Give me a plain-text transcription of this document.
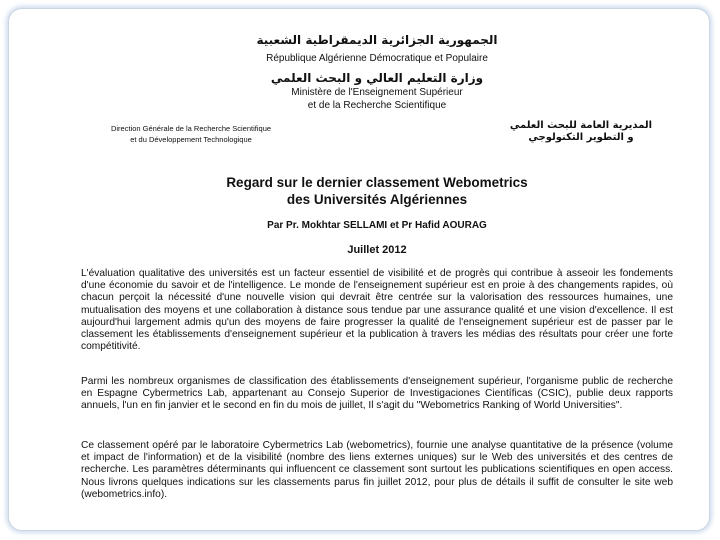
الجمهورية الجزائرية الديمقراطية الشعبية
République Algérienne Démocratique et Populaire
وزارة التعليم العالي و البحث العلمي
Ministère de l'Enseignement Supérieur
et de la Recherche Scientifique
Direction Générale de la Recherche Scientifique
et du Développement Technologique
المديرية العامة للبحث العلمي
و التطوير التكنولوجي
Regard sur le dernier classement Webometrics
des Universités Algériennes
Par Pr. Mokhtar SELLAMI et Pr Hafid AOURAG
Juillet 2012

L'évaluation qualitative des universités est un facteur essentiel de visibilité et de progrès qui contribue à asseoir les fondements d'une économie du savoir et de l'intelligence. Le monde de l'enseignement supérieur est en proie à des changements rapides, où chacun perçoit la nécessité d'une nouvelle vision qui devrait être centrée sur la valorisation des ressources humaines, une mutualisation des moyens et une collaboration à distance sous tendue par une assurance qualité et une vision d'excellence. Il est aujourd'hui largement admis qu'un des moyens de faire progresser la qualité de l'enseignement supérieur est de passer par le classement les établissements d'enseignement supérieur et la publication à travers les médias des résultats pour créer une forte compétitivité.

Parmi les nombreux organismes de classification des établissements d'enseignement supérieur, l'organisme public de recherche en Espagne Cybermetrics Lab, appartenant au Consejo Superior de Investigaciones Científicas (CSIC), publie deux rapports annuels, l'un en fin janvier et le second en fin du mois de juillet, Il s'agit du "Webometrics Ranking of World Universities".

Ce classement opéré par le laboratoire Cybermetrics Lab (webometrics), fournie une analyse quantitative de la présence (volume et impact de l'information) et de la visibilité (nombre des liens externes uniques) sur le Web des universités et des centres de recherche. Les paramètres déterminants qui influencent ce classement sont surtout les publications scientifiques en open access. Nous livrons quelques indications sur les classements parus fin juillet 2012, pour plus de détails il suffit de consulter le site web (webometrics.info).
